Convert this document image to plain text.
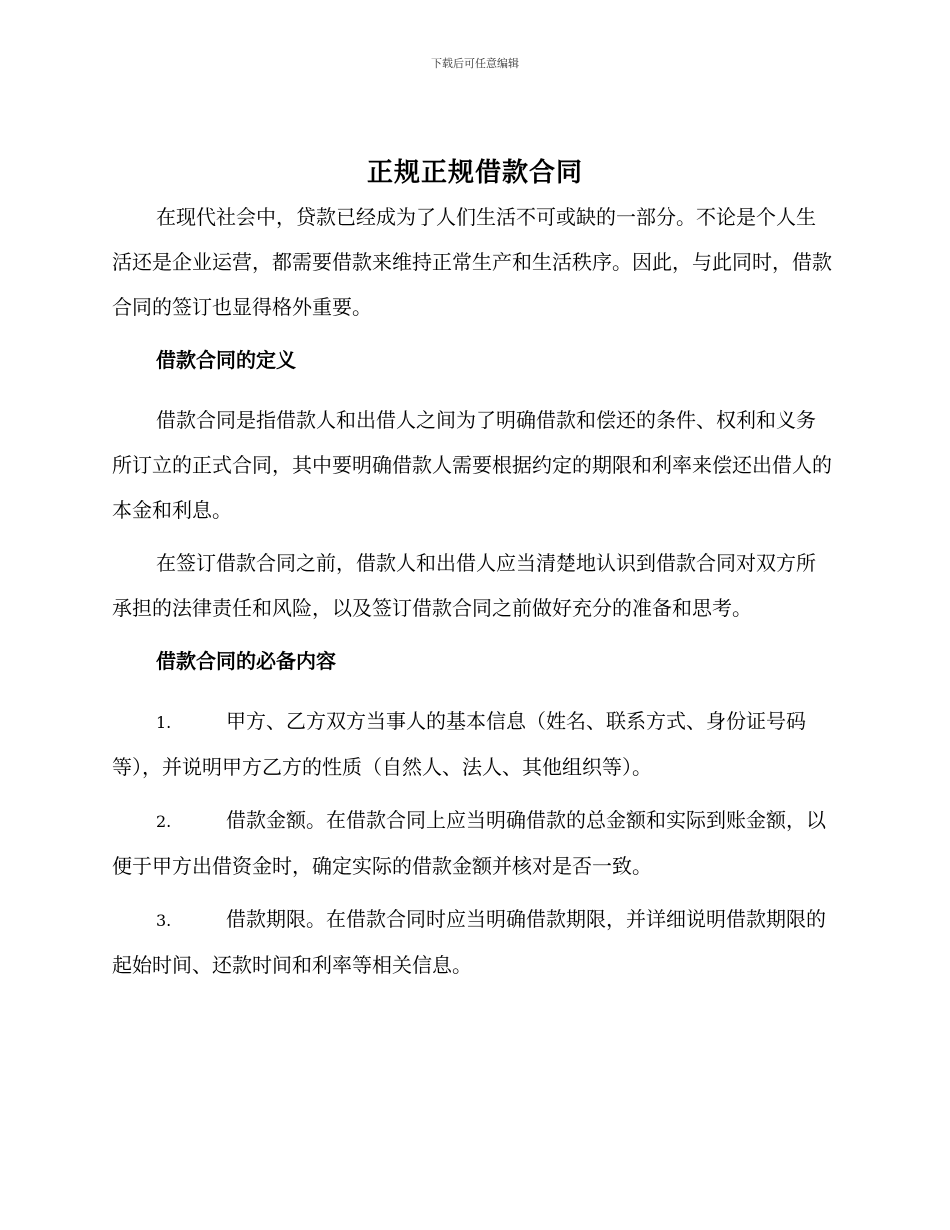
下载后可任意编辑
正规正规借款合同

在现代社会中，贷款已经成为了人们生活不可或缺的一部分。不论是个人生活还是企业运营，都需要借款来维持正常生产和生活秩序。因此，与此同时，借款合同的签订也显得格外重要。

借款合同的定义

借款合同是指借款人和出借人之间为了明确借款和偿还的条件、权利和义务所订立的正式合同，其中要明确借款人需要根据约定的期限和利率来偿还出借人的本金和利息。

在签订借款合同之前，借款人和出借人应当清楚地认识到借款合同对双方所承担的法律责任和风险，以及签订借款合同之前做好充分的准备和思考。

借款合同的必备内容

1.	甲方、乙方双方当事人的基本信息（姓名、联系方式、身份证号码等），并说明甲方乙方的性质（自然人、法人、其他组织等）。

2.	借款金额。在借款合同上应当明确借款的总金额和实际到账金额，以便于甲方出借资金时，确定实际的借款金额并核对是否一致。

3.	借款期限。在借款合同时应当明确借款期限，并详细说明借款期限的起始时间、还款时间和利率等相关信息。
